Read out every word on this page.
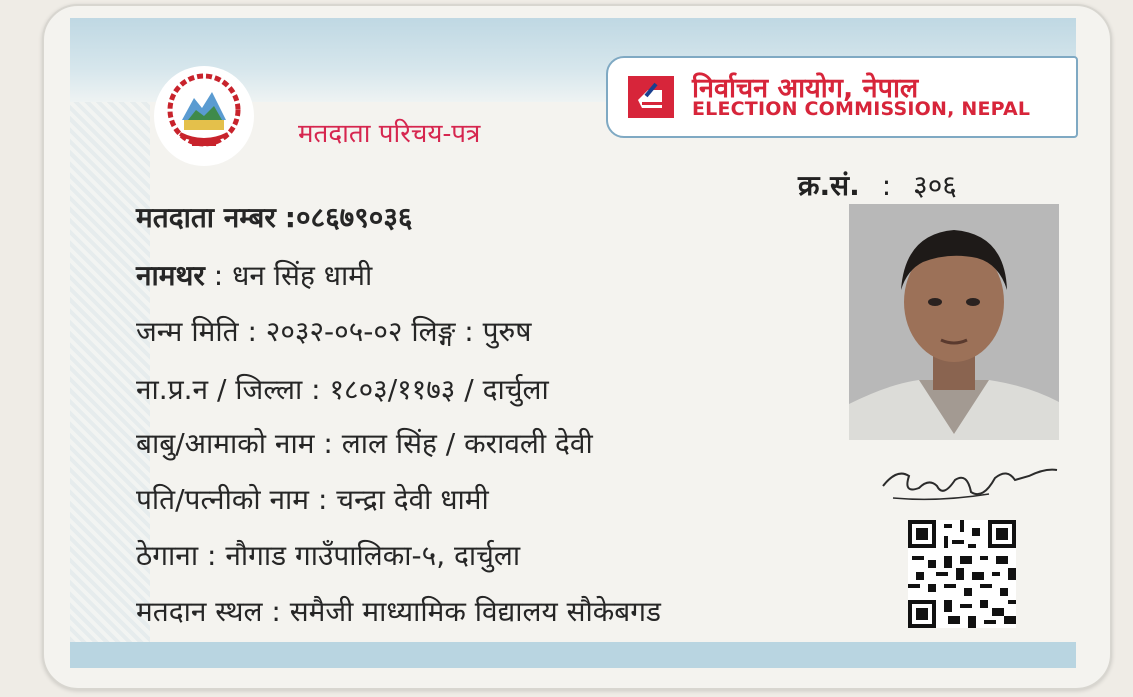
मतदाता परिचय-पत्र
निर्वाचन आयोग, नेपाल
ELECTION COMMISSION, NEPAL
क्र.सं. : ३०६
मतदाता नम्बर :०८६७९०३६
नामथर : धन सिंह धामी
जन्म मिति : २०३२-०५-०२ लिङ्ग : पुरुष
ना.प्र.न / जिल्ला : १८०३/११७३ / दार्चुला
बाबु/आमाको नाम : लाल सिंह / करावली देवी
पति/पत्नीको नाम : चन्द्रा देवी धामी
ठेगाना : नौगाड गाउँपालिका-५, दार्चुला
मतदान स्थल : समैजी माध्यामिक विद्यालय सौकेबगड
